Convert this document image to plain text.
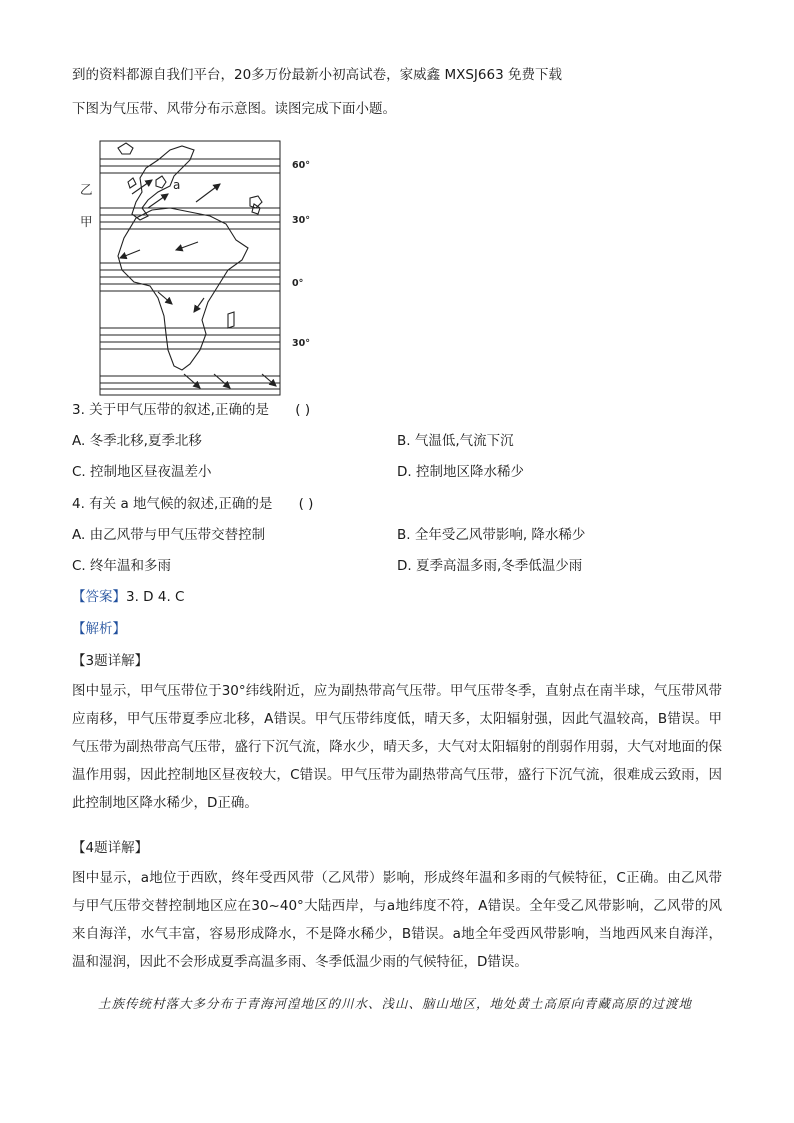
到的资料都源自我们平台，20多万份最新小初高试卷，家威鑫 MXSJ663 免费下载
下图为气压带、风带分布示意图。读图完成下面小题。
a
60°
30°
0°
30°
乙
甲
3. 关于甲气压带的叙述,正确的是 ( )
A. 冬季北移,夏季北移	B. 气温低,气流下沉
C. 控制地区昼夜温差小	D. 控制地区降水稀少
4. 有关 a 地气候的叙述,正确的是 ( )
A. 由乙风带与甲气压带交替控制	B. 全年受乙风带影响, 降水稀少
C. 终年温和多雨	D. 夏季高温多雨,冬季低温少雨
【答案】3. D 4. C
【解析】
【3题详解】
图中显示，甲气压带位于30°纬线附近，应为副热带高气压带。甲气压带冬季，直射点在南半球，气压带风带应南移，甲气压带夏季应北移，A错误。甲气压带纬度低，晴天多，太阳辐射强，因此气温较高，B错误。甲气压带为副热带高气压带，盛行下沉气流，降水少，晴天多，大气对太阳辐射的削弱作用弱，大气对地面的保温作用弱，因此控制地区昼夜较大，C错误。甲气压带为副热带高气压带，盛行下沉气流，很难成云致雨，因此控制地区降水稀少，D正确。
【4题详解】
图中显示，a地位于西欧，终年受西风带（乙风带）影响，形成终年温和多雨的气候特征，C正确。由乙风带与甲气压带交替控制地区应在30~40°大陆西岸，与a地纬度不符，A错误。全年受乙风带影响，乙风带的风来自海洋，水气丰富，容易形成降水，不是降水稀少，B错误。a地全年受西风带影响，当地西风来自海洋，温和湿润，因此不会形成夏季高温多雨、冬季低温少雨的气候特征，D错误。
土族传统村落大多分布于青海河湟地区的川水、浅山、脑山地区，地处黄土高原向青藏高原的过渡地
